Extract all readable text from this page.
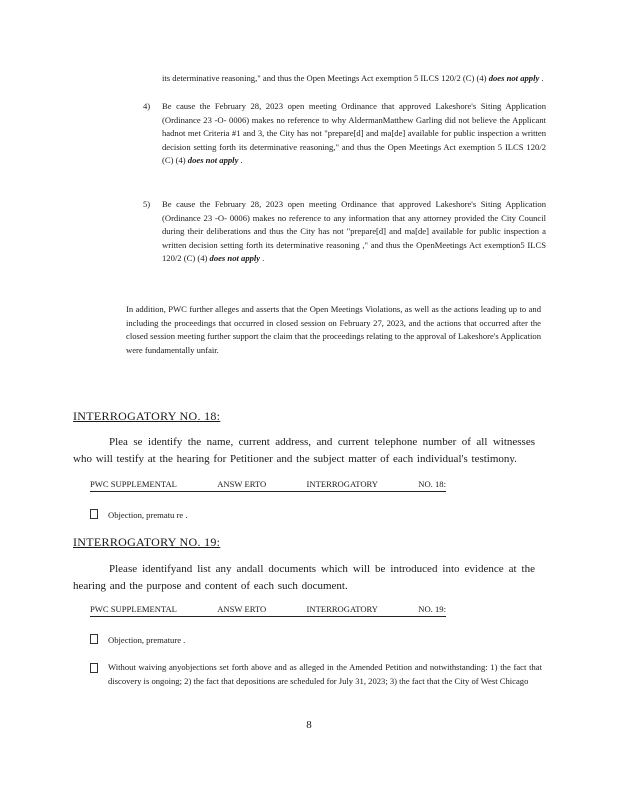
its determinative reasoning," and thus the Open Meetings Act exemption 5 ILCS 120/2 (C) (4) does not apply .
4)	Be cause the February 28, 2023 open meeting Ordinance that approved Lakeshore's Siting Application (Ordinance 23 -O- 0006) makes no reference to why AldermanMatthew Garling did not believe the Applicant hadnot met Criteria #1 and 3, the City has not "prepare[d] and ma[de] available for public inspection a written decision setting forth its determinative reasoning," and thus the Open Meetings Act exemption 5 ILCS 120/2 (C) (4) does not apply .
5)	Be cause the February 28, 2023 open meeting Ordinance that approved Lakeshore's Siting Application (Ordinance 23 -O- 0006) makes no reference to any information that any attorney provided the City Council during their deliberations and thus the City has not "prepare[d] and ma[de] available for public inspection a written decision setting forth its determinative reasoning ," and thus the OpenMeetings Act exemption5 ILCS 120/2 (C) (4) does not apply .
In addition, PWC further alleges and asserts that the Open Meetings Violations, as well as the actions leading up to and including the proceedings that occurred in closed session on February 27, 2023, and the actions that occurred after the closed session meeting further support the claim that the proceedings relating to the approval of Lakeshore's Application were fundamentally unfair.
INTERROGATORY NO. 18:
Plea se identify the name, current address, and current telephone number of all witnesses who will testify at the hearing for Petitioner and the subject matter of each individual's testimony.
PWC SUPPLEMENTAL	ANSW ERTO	INTERROGATORY	NO. 18:
Objection, prematu re .
INTERROGATORY NO. 19:
Please identifyand list any andall documents which will be introduced into evidence at the hearing and the purpose and content of each such document.
PWC SUPPLEMENTAL	ANSW ERTO	INTERROGATORY	NO. 19:
Objection, premature .
Without waiving anyobjections set forth above and as alleged in the Amended Petition and notwithstanding: 1) the fact that discovery is ongoing; 2) the fact that depositions are scheduled for July 31, 2023; 3) the fact that the City of West Chicago
8
